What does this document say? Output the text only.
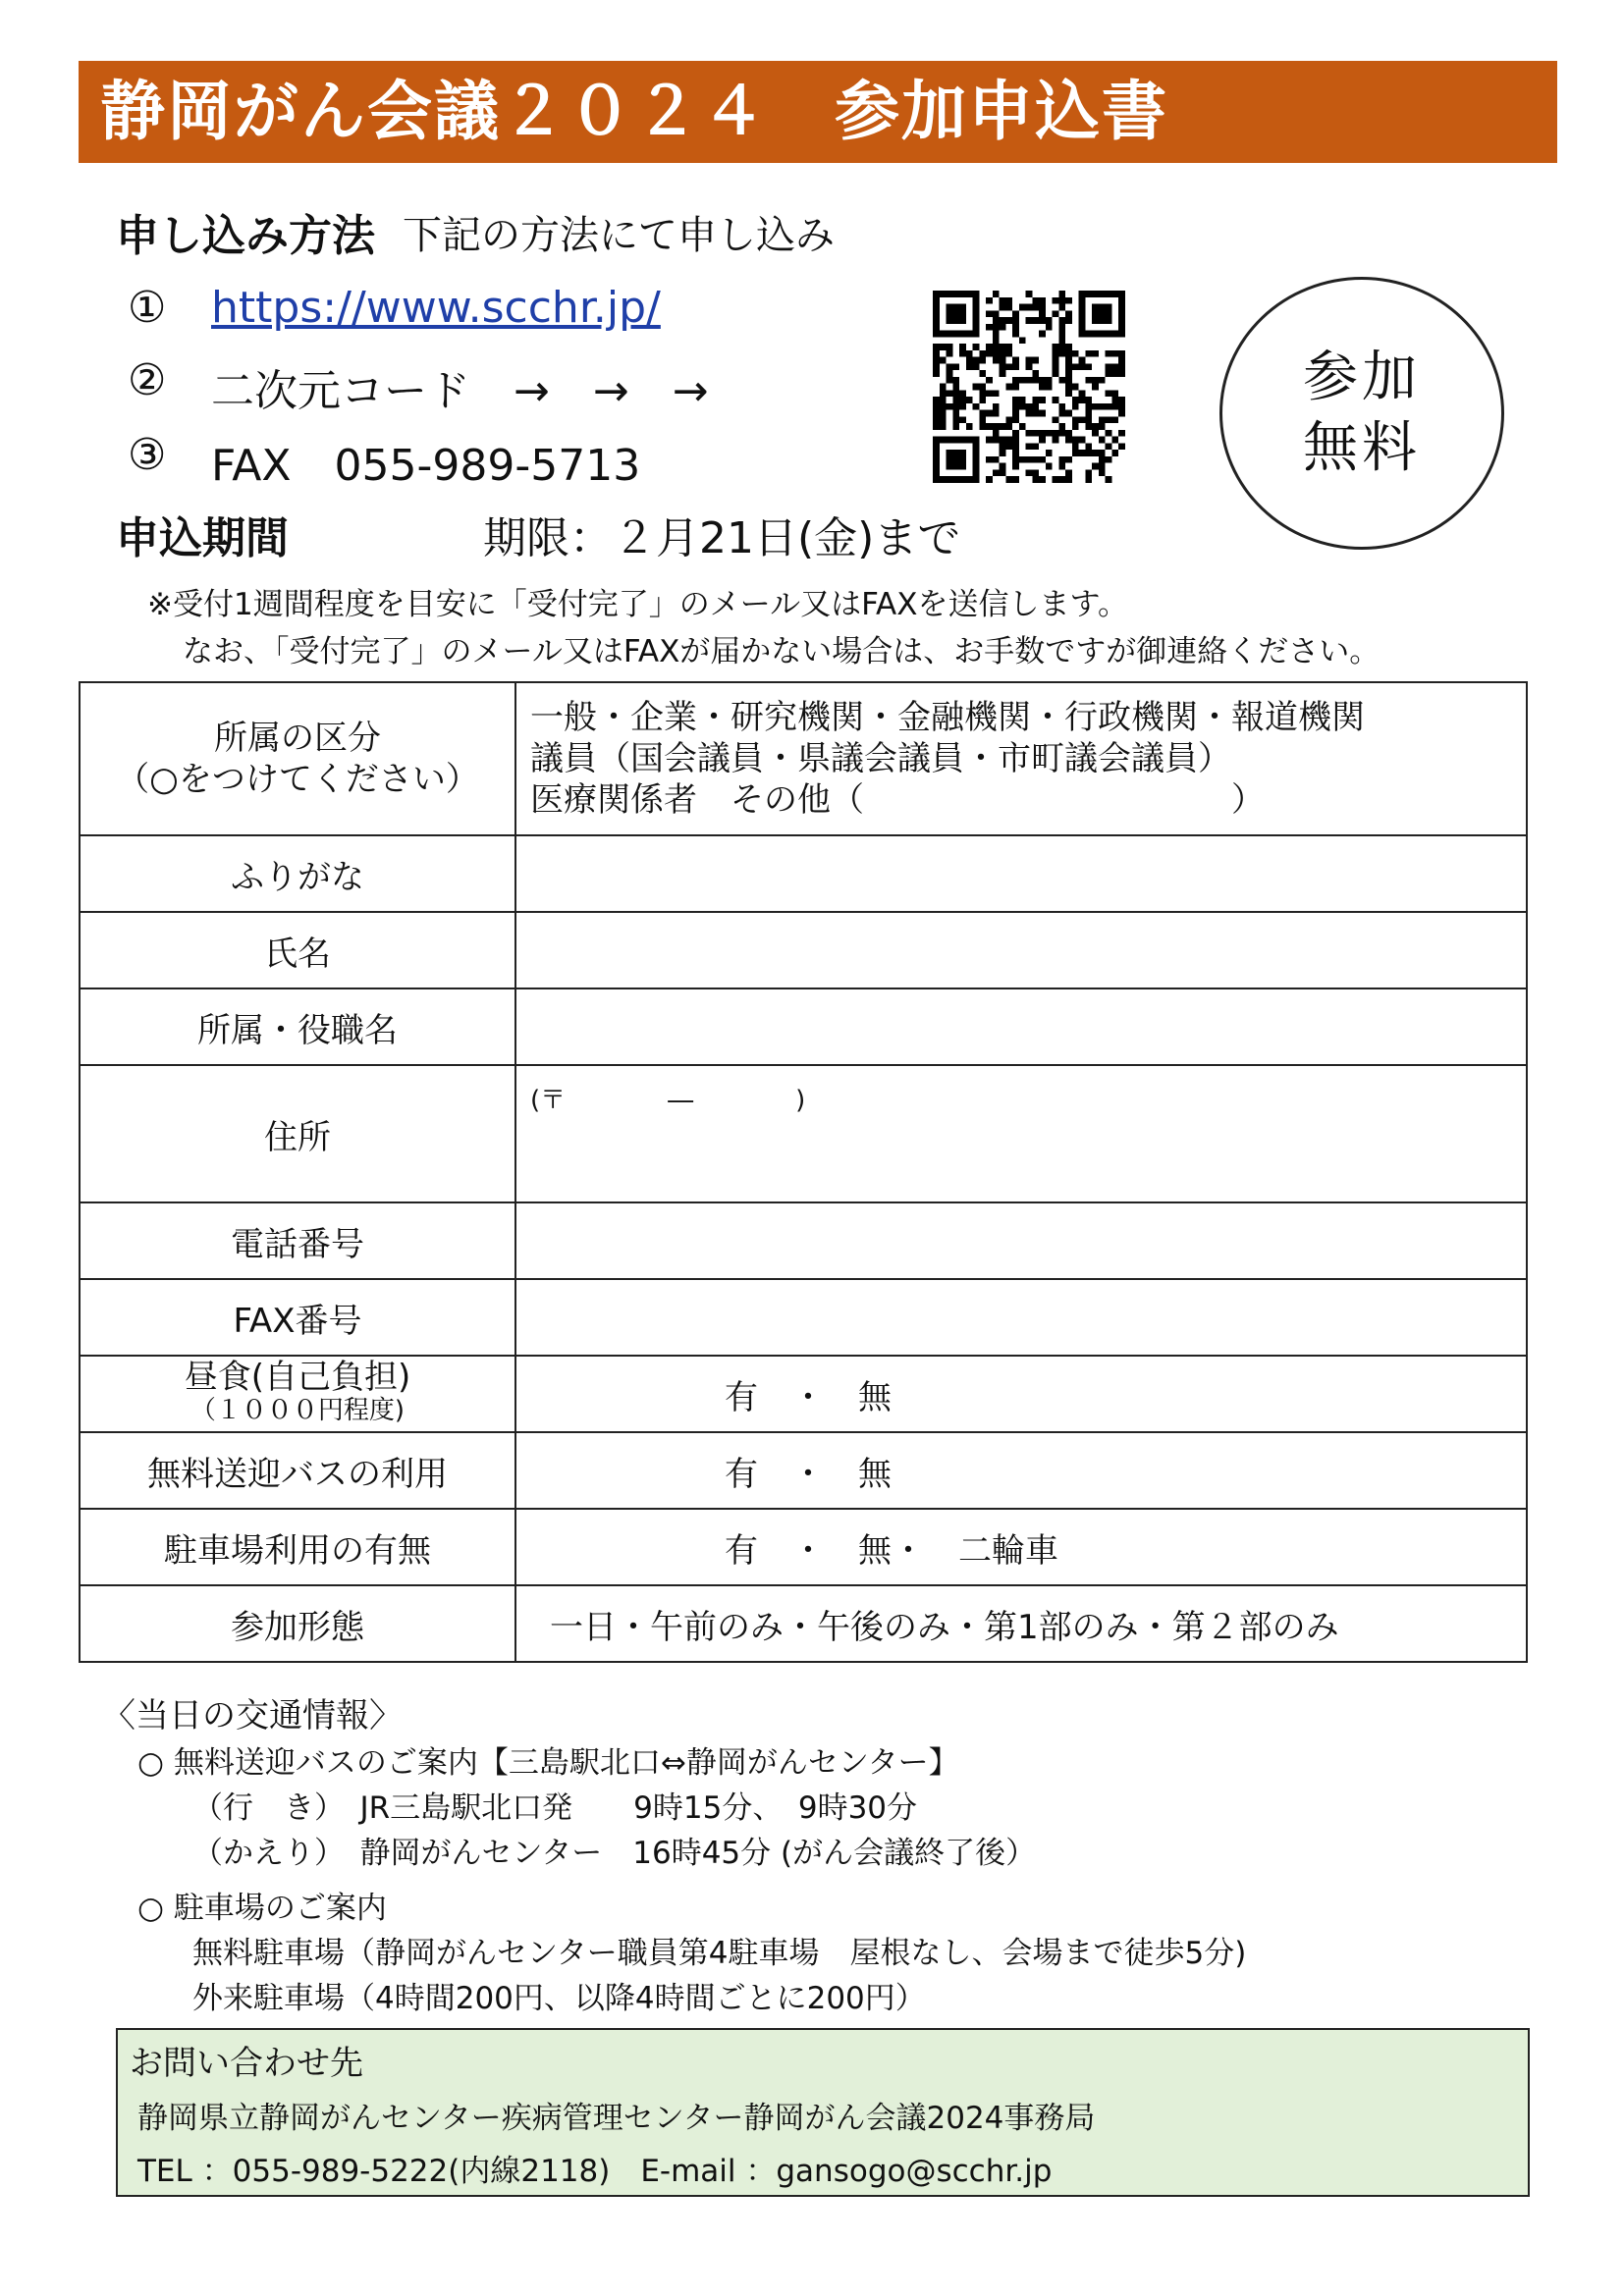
静岡がん会議２０２４　参加申込書
申し込み方法 下記の方法にて申し込み
① https://www.scchr.jp/
② 二次元コード　→　→　→
③ FAX　055-989-5713
参加
無料
申込期間	期限：２月21日(金)まで
※受付1週間程度を目安に「受付完了」のメール又はFAXを送信します。
なお、「受付完了」のメール又はFAXが届かない場合は、お手数ですが御連絡ください。
所属の区分
（○をつけてください）	一般・企業・研究機関・金融機関・行政機関・報道機関
議員（国会議員・県議会議員・市町議会議員）
医療関係者　その他（　　　　　　　　　　　）

ふりがな	
氏名	
所属・役職名	
住所	(〒　　　　―　　　　)
電話番号	
FAX番号	

昼食(自己負担)
（１０００円程度)	有　・　無
無料送迎バスの利用	有　・　無
駐車場利用の有無	有　・　無・　二輪車
参加形態	一日・午前のみ・午後のみ・第1部のみ・第２部のみ
〈当日の交通情報〉
○ 無料送迎バスのご案内【三島駅北口⇔静岡がんセンター】
（行　き）　JR三島駅北口発　　9時15分、　9時30分
（かえり）　静岡がんセンター　16時45分 (がん会議終了後）
○ 駐車場のご案内
無料駐車場（静岡がんセンター職員第4駐車場　屋根なし、会場まで徒歩5分)
外来駐車場（4時間200円、以降4時間ごとに200円）
お問い合わせ先
静岡県立静岡がんセンター疾病管理センター静岡がん会議2024事務局
TEL ：055-989-5222(内線2118)　E-mail ：gansogo@scchr.jp
